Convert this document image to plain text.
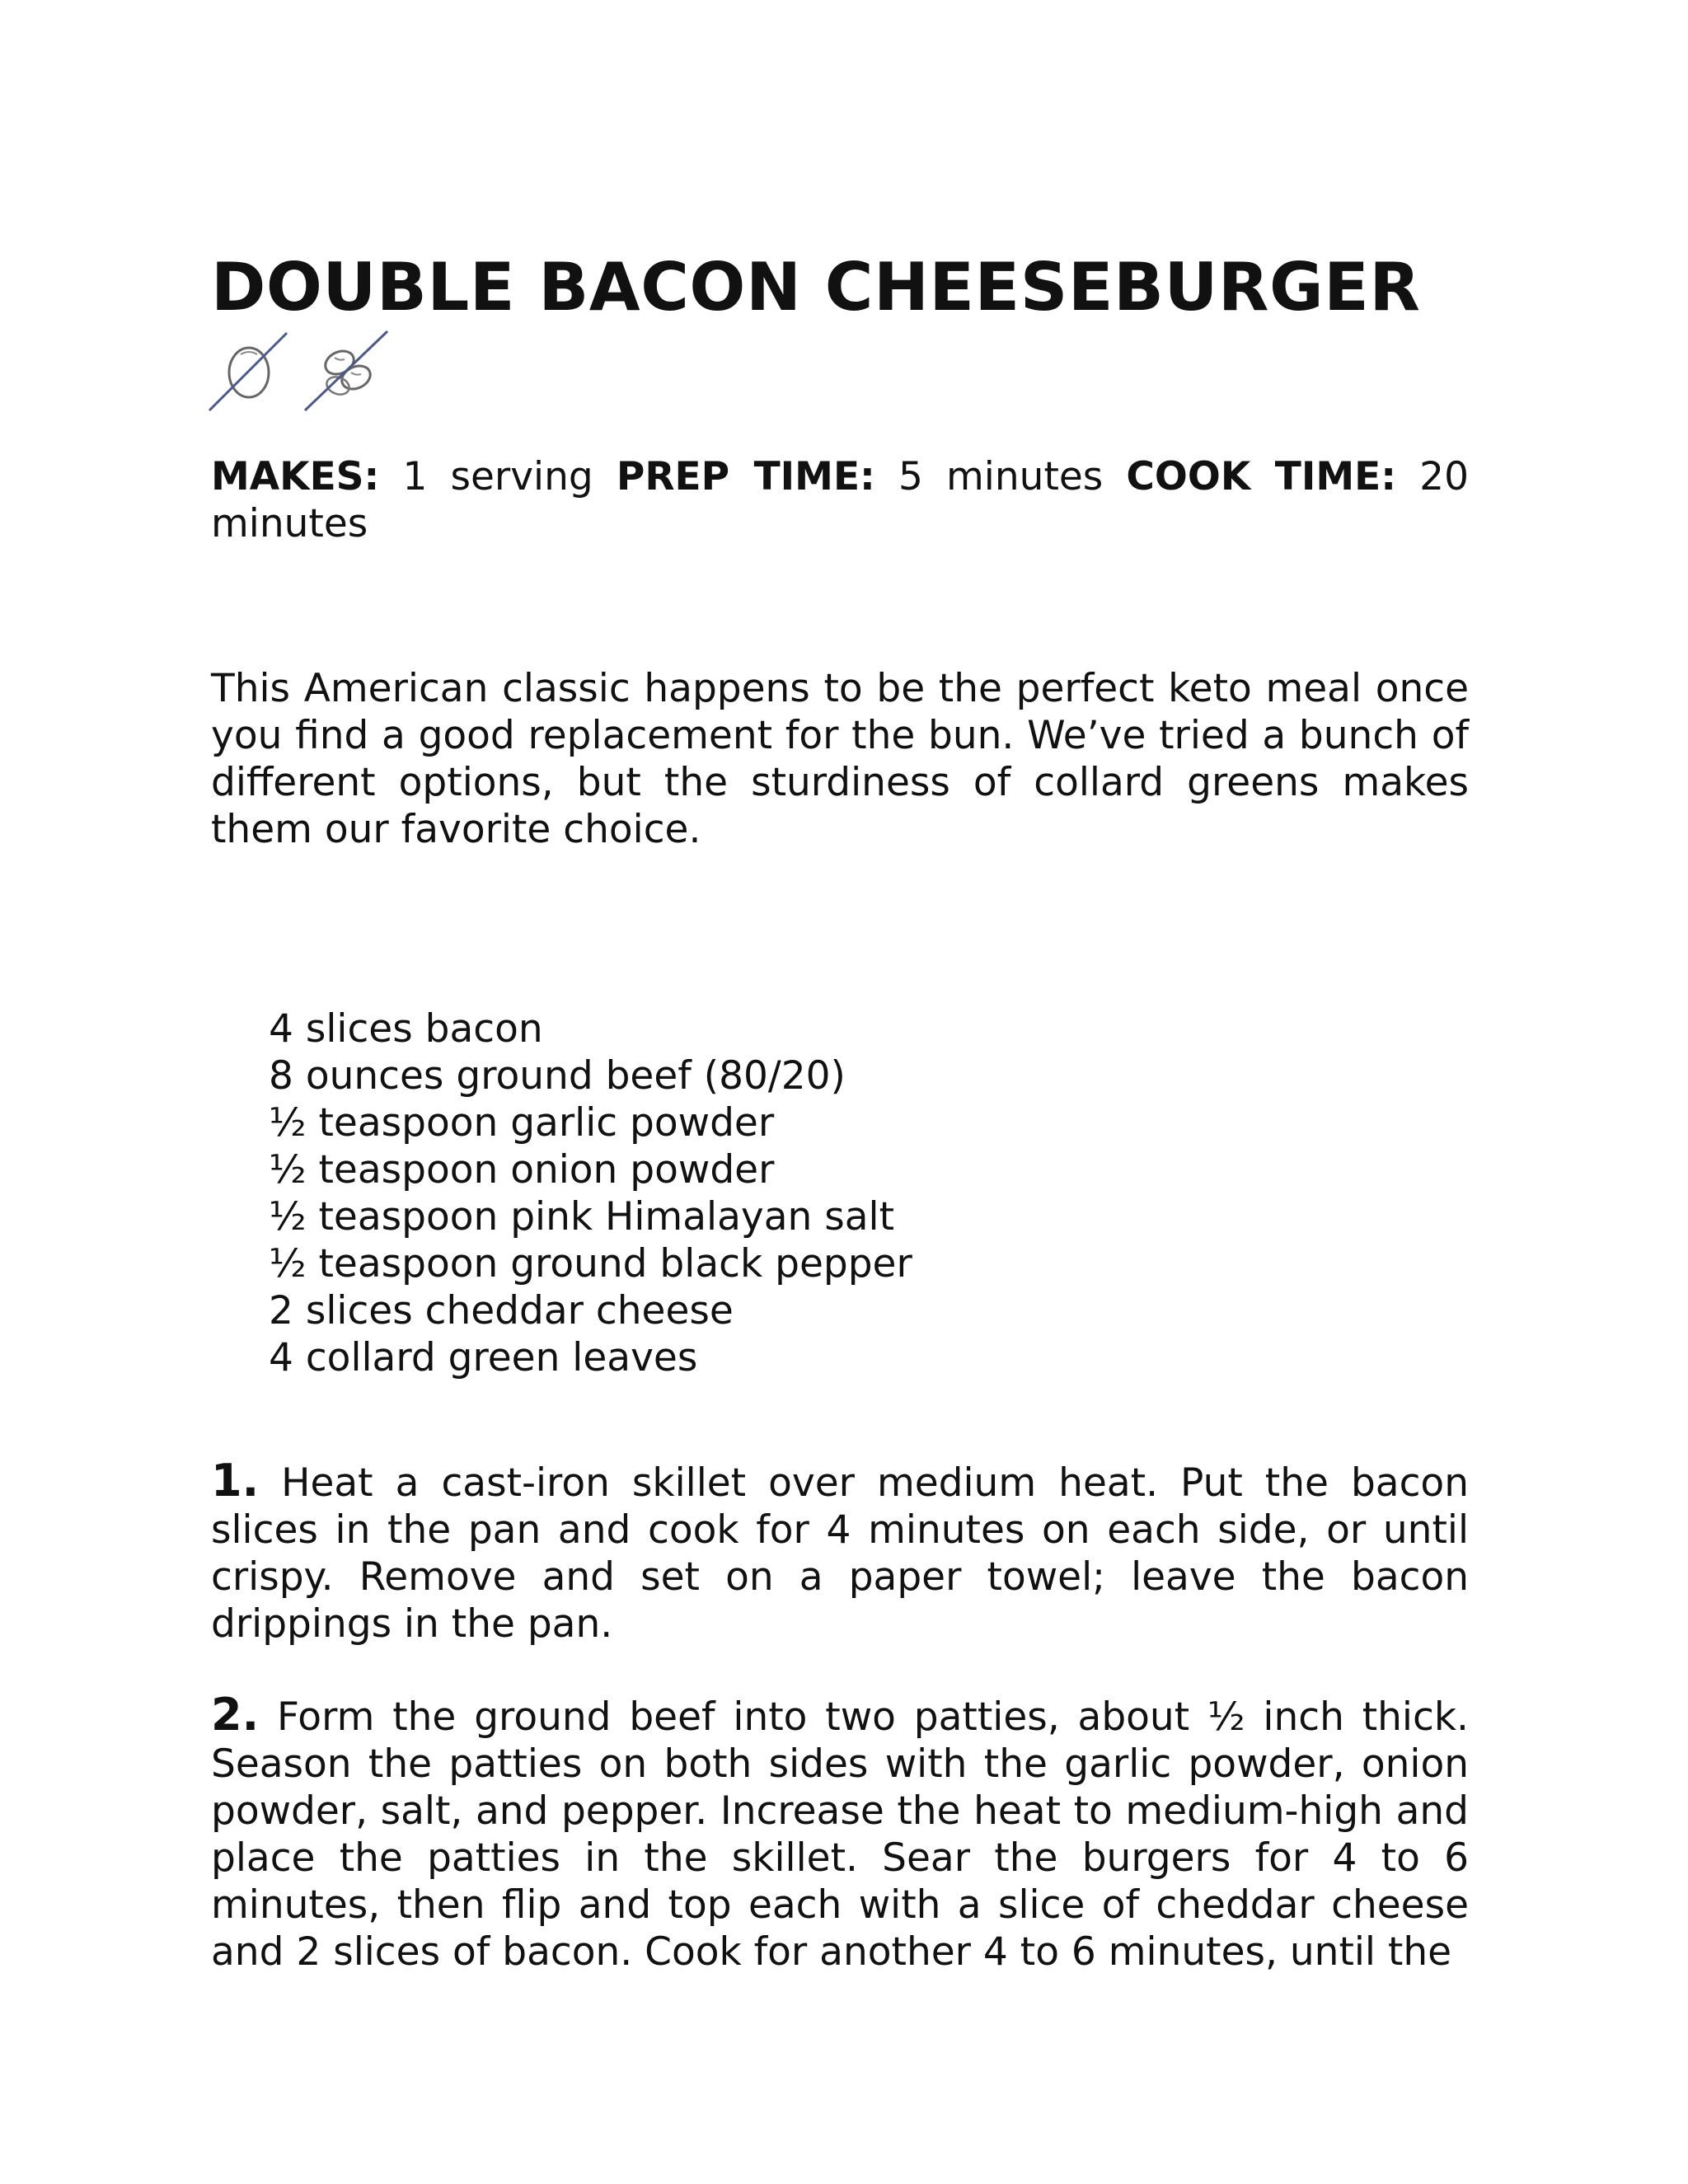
DOUBLE BACON CHEESEBURGER
MAKES: 1 serving PREP TIME: 5 minutes COOK TIME: 20 minutes

This American classic happens to be the perfect keto meal once you find a good replacement for the bun. We’ve tried a bunch of different options, but the sturdiness of collard greens makes them our favorite choice.

4 slices bacon
8 ounces ground beef (80/20)
½ teaspoon garlic powder
½ teaspoon onion powder
½ teaspoon pink Himalayan salt
½ teaspoon ground black pepper
2 slices cheddar cheese
4 collard green leaves

1. Heat a cast-iron skillet over medium heat. Put the bacon slices in the pan and cook for 4 minutes on each side, or until crispy. Remove and set on a paper towel; leave the bacon drippings in the pan.

2. Form the ground beef into two patties, about ½ inch thick. Season the patties on both sides with the garlic powder, onion powder, salt, and pepper. Increase the heat to medium-high and place the patties in the skillet. Sear the burgers for 4 to 6 minutes, then flip and top each with a slice of cheddar cheese and 2 slices of bacon. Cook for another 4 to 6 minutes, until the
